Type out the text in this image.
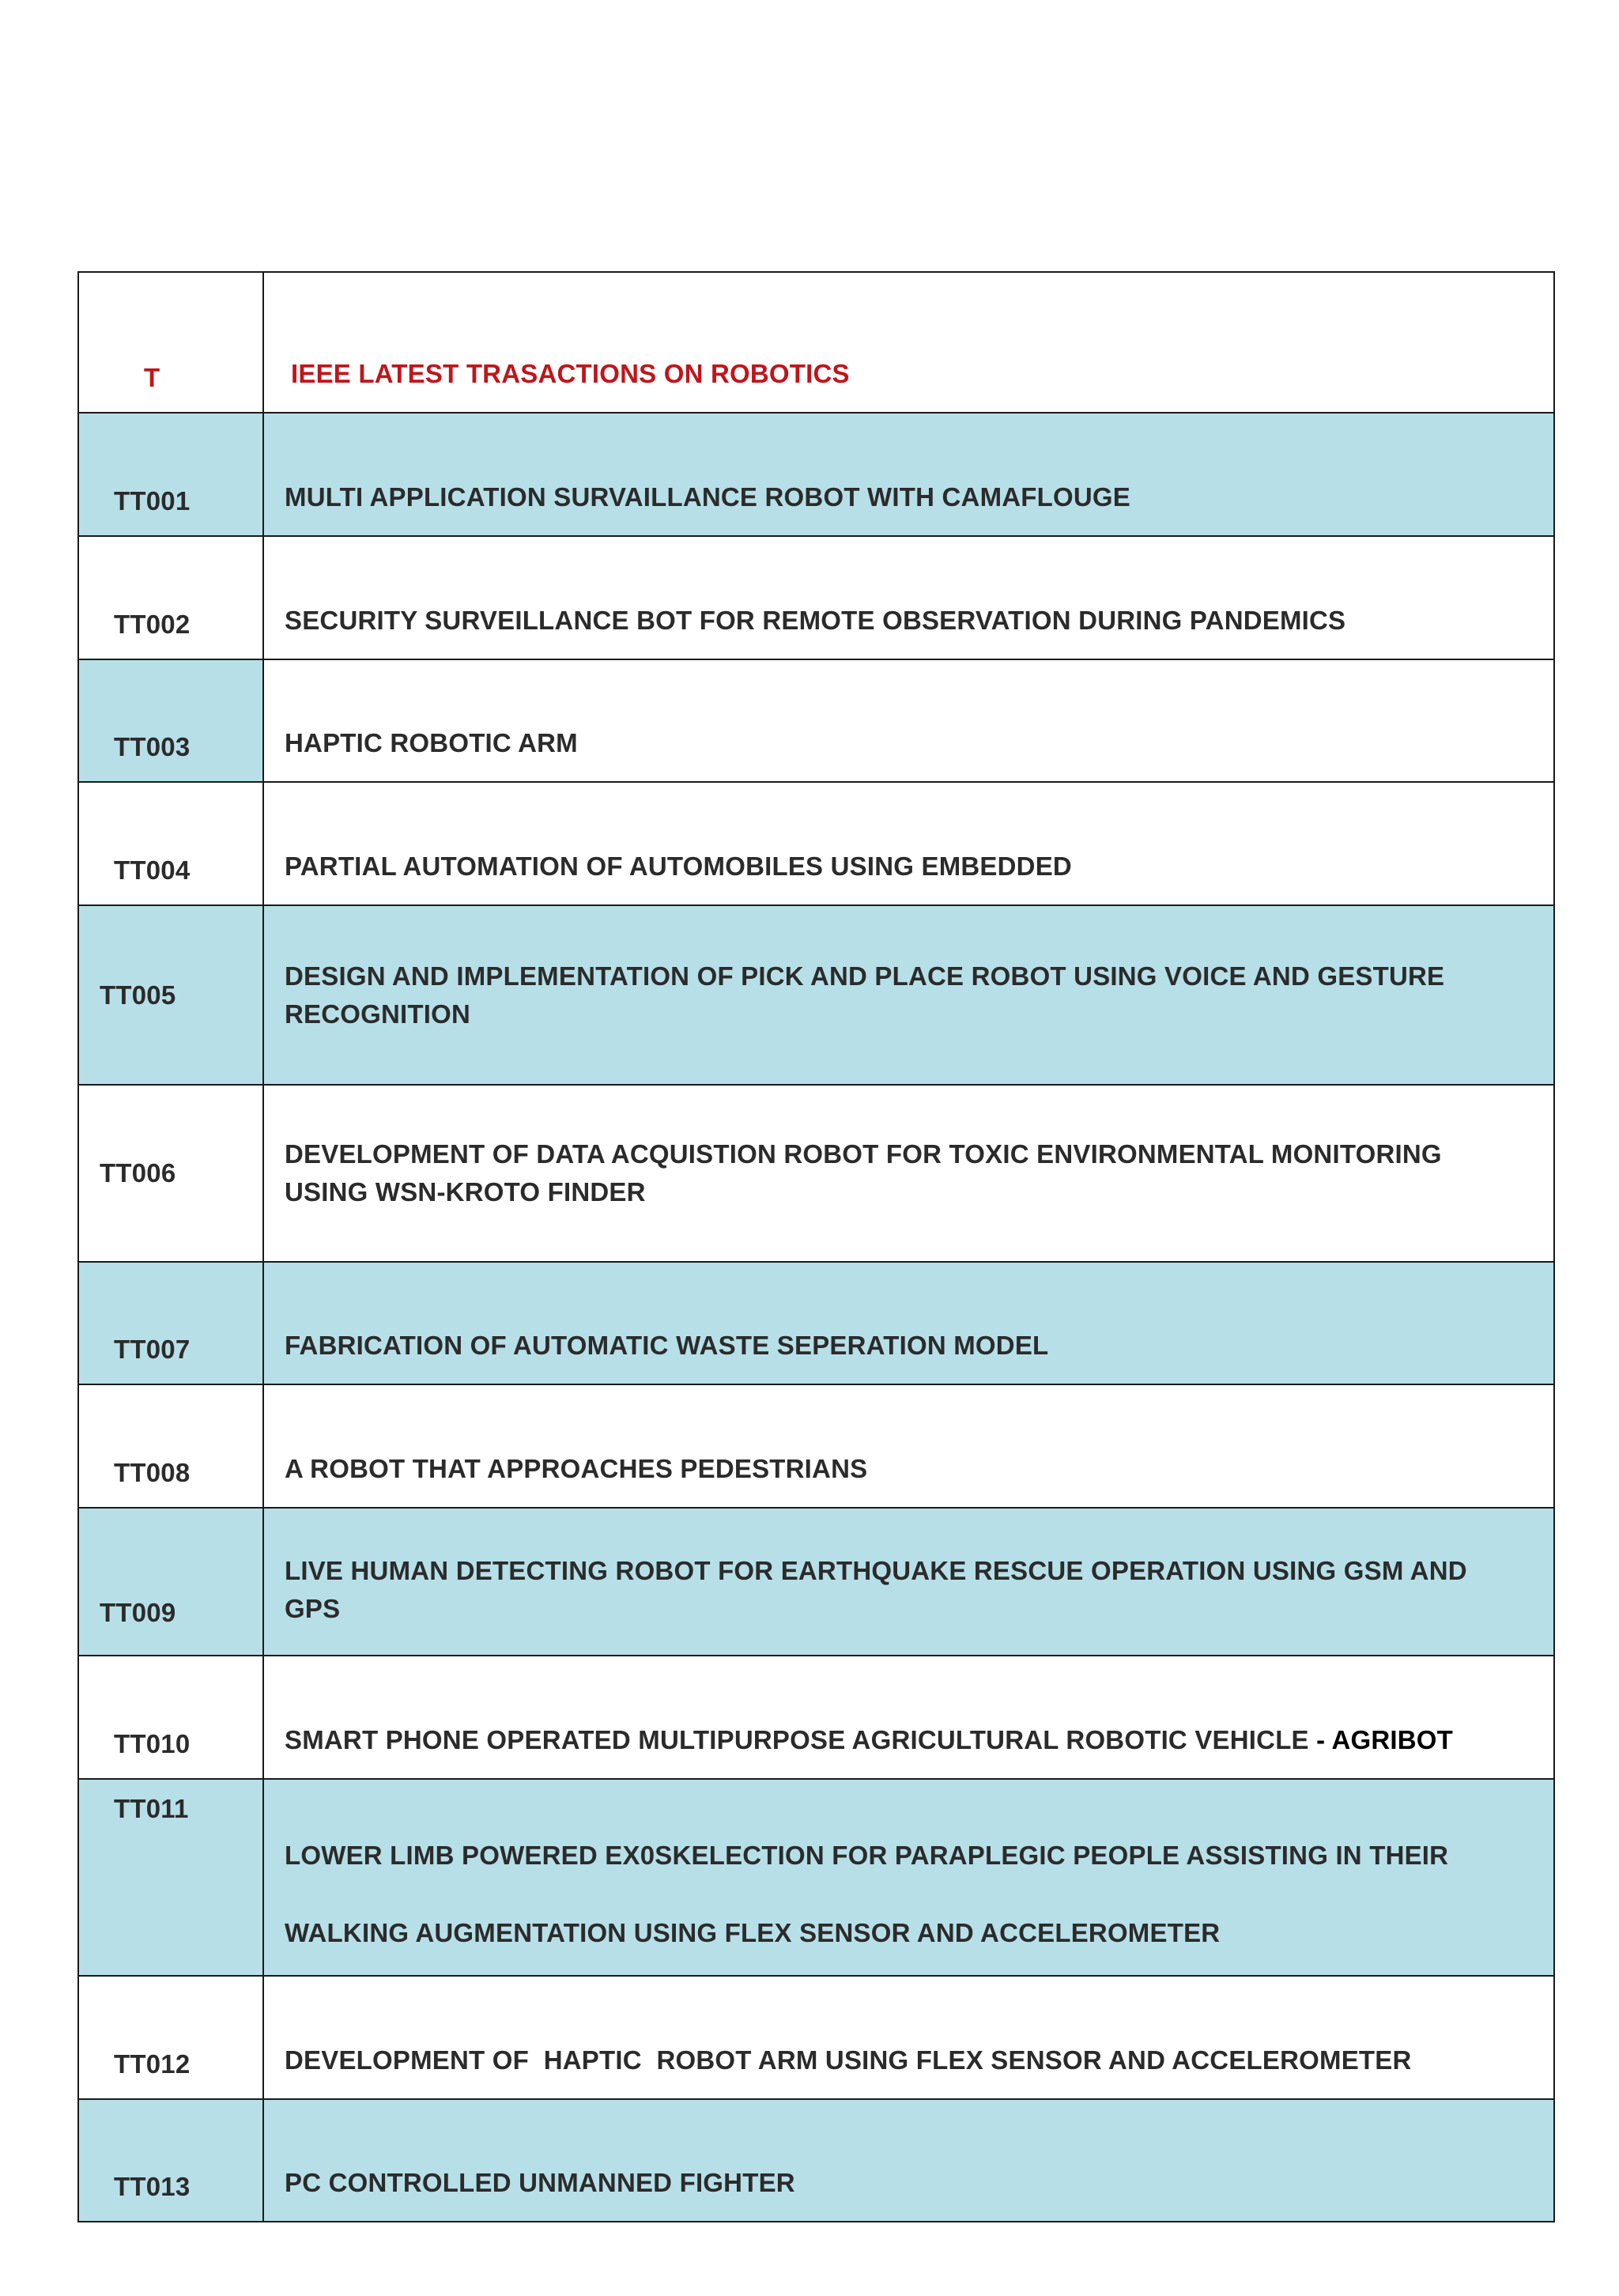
T	IEEE LATEST TRASACTIONS ON ROBOTICS
TT001	MULTI APPLICATION SURVAILLANCE ROBOT WITH CAMAFLOUGE
TT002	SECURITY SURVEILLANCE BOT FOR REMOTE OBSERVATION DURING PANDEMICS
TT003	HAPTIC ROBOTIC ARM
TT004	PARTIAL AUTOMATION OF AUTOMOBILES USING EMBEDDED
TT005	DESIGN AND IMPLEMENTATION OF PICK AND PLACE ROBOT USING VOICE AND GESTURE RECOGNITION
TT006	DEVELOPMENT OF DATA ACQUISTION ROBOT FOR TOXIC ENVIRONMENTAL MONITORING USING WSN-KROTO FINDER
TT007	FABRICATION OF AUTOMATIC WASTE SEPERATION MODEL
TT008	A ROBOT THAT APPROACHES PEDESTRIANS
TT009	LIVE HUMAN DETECTING ROBOT FOR EARTHQUAKE RESCUE OPERATION USING GSM AND GPS
TT010	SMART PHONE OPERATED MULTIPURPOSE AGRICULTURAL ROBOTIC VEHICLE - AGRIBOT
TT011	LOWER LIMB POWERED EX0SKELECTION FOR PARAPLEGIC PEOPLE ASSISTING IN THEIR WALKING AUGMENTATION USING FLEX SENSOR AND ACCELEROMETER
TT012	DEVELOPMENT OF  HAPTIC  ROBOT ARM USING FLEX SENSOR AND ACCELEROMETER
TT013	PC CONTROLLED UNMANNED FIGHTER
